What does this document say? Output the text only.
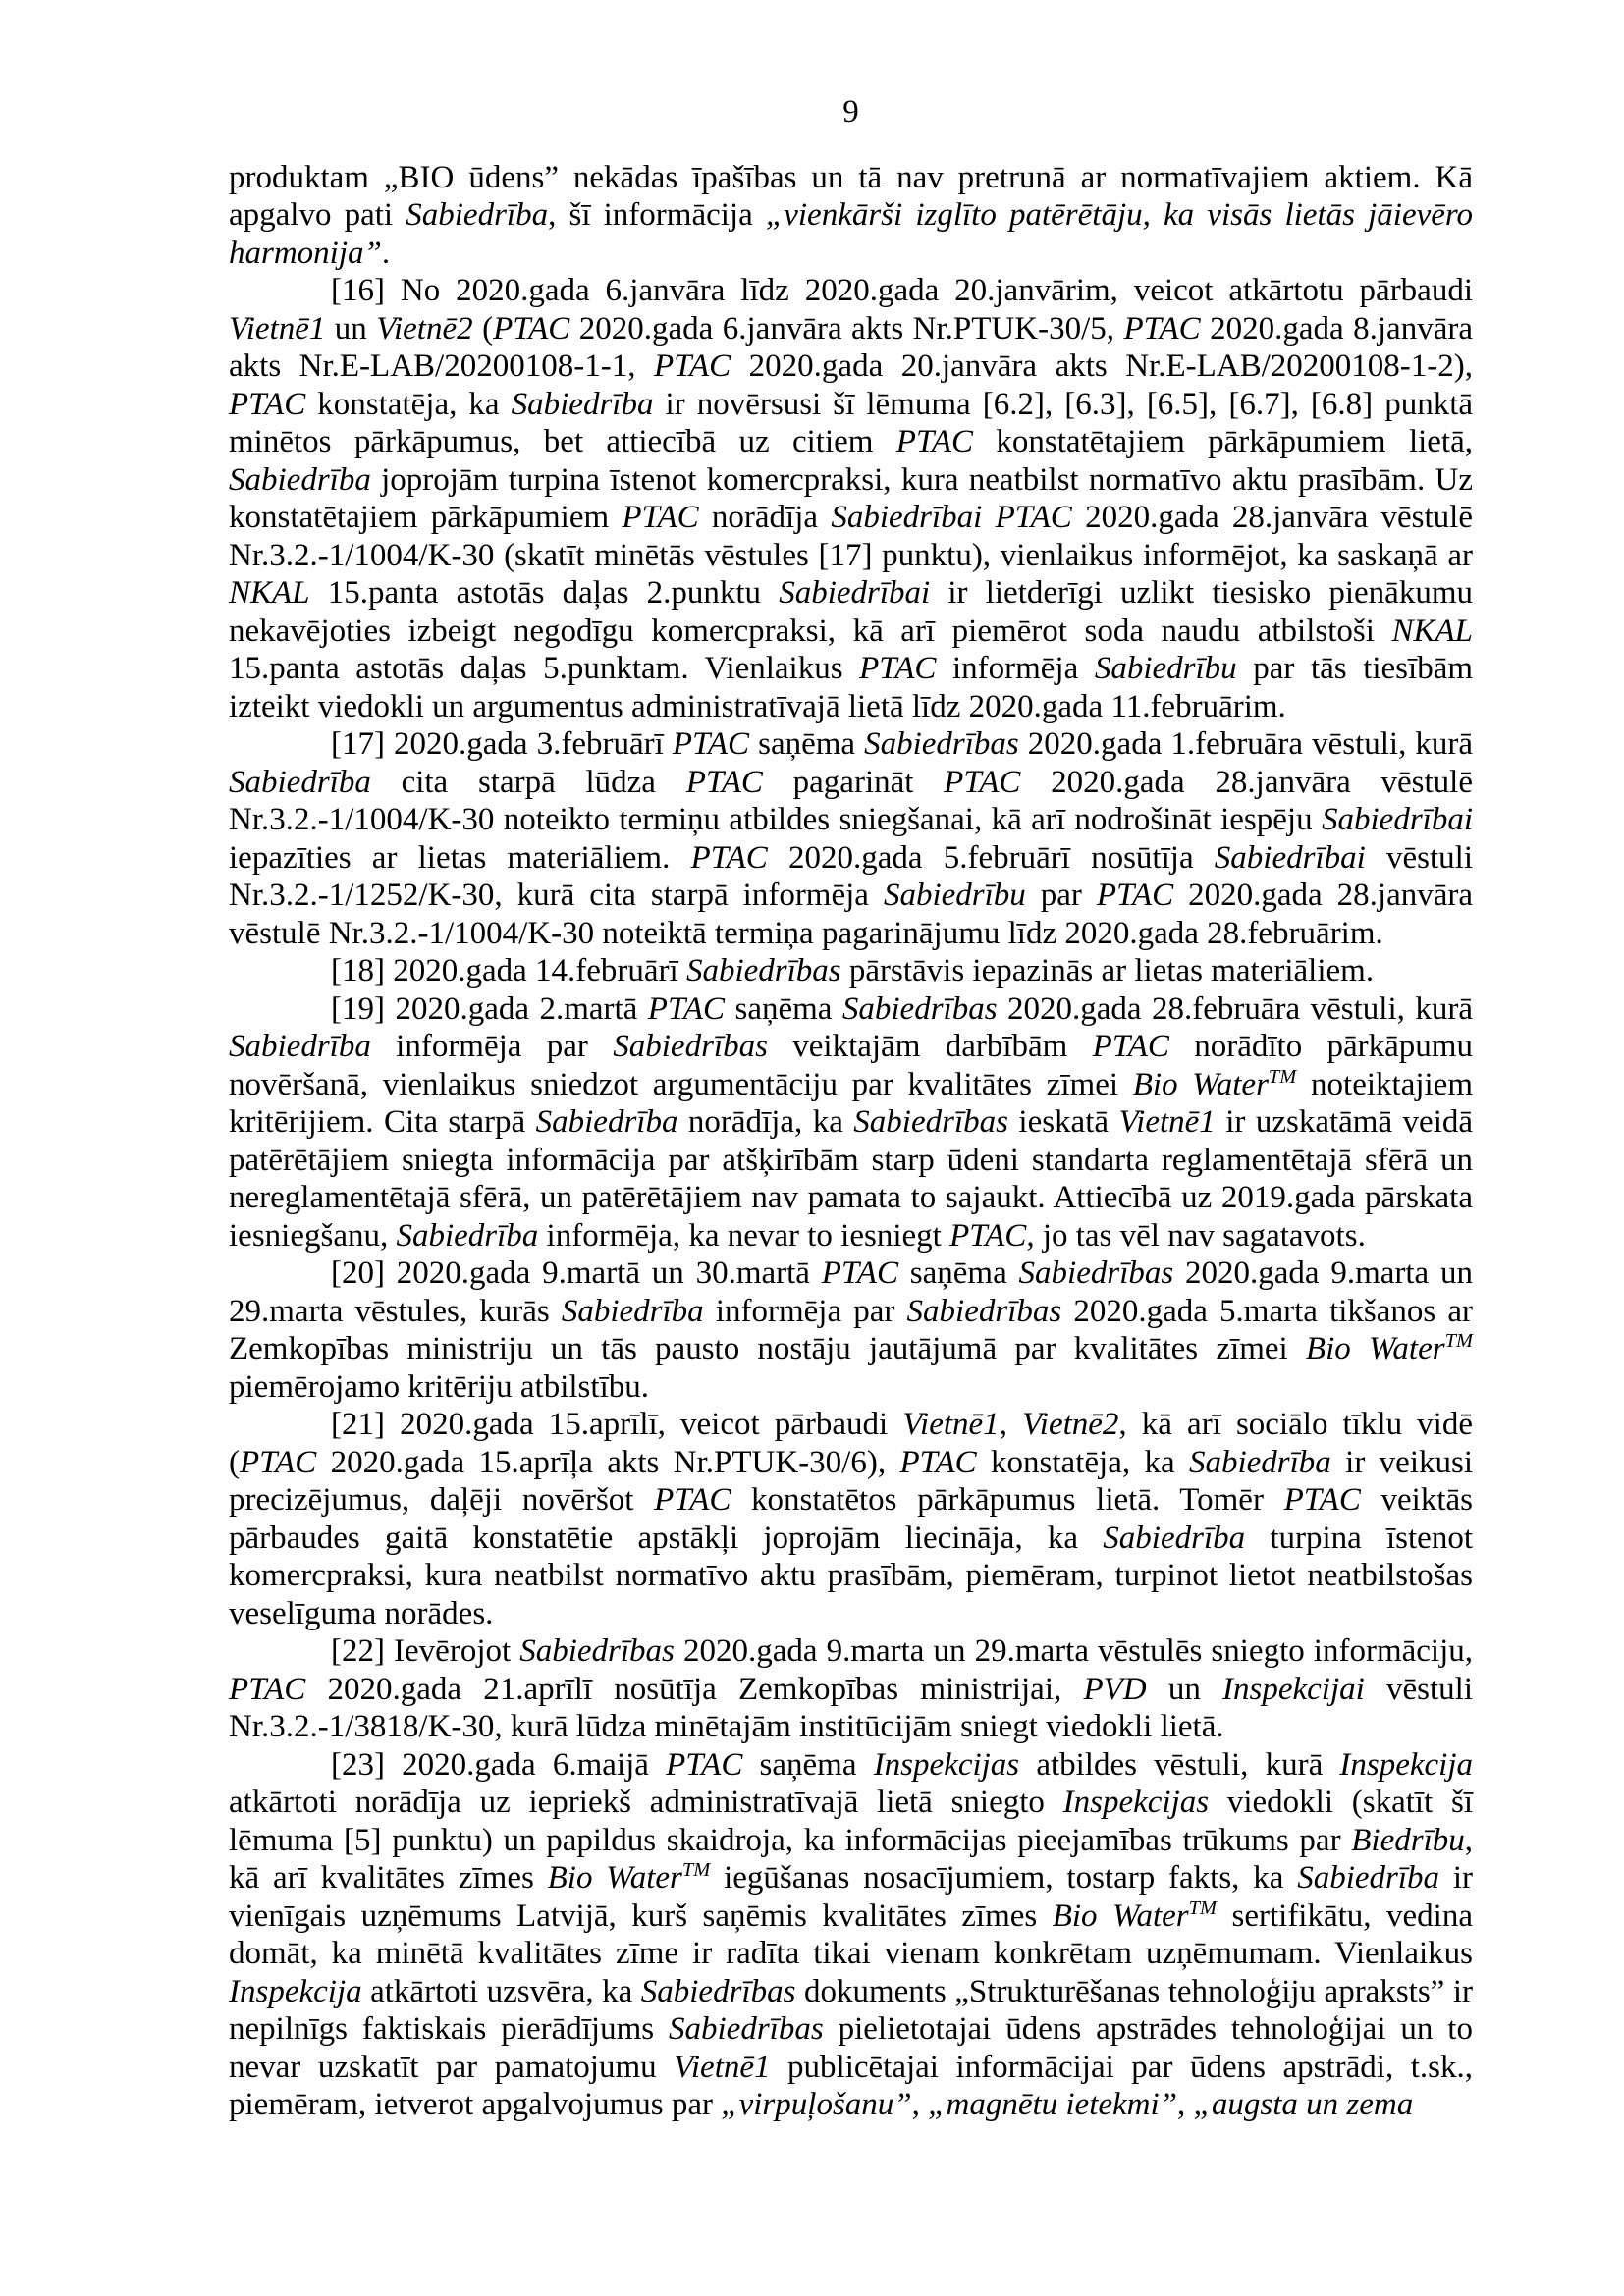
9

produktam „BIO ūdens” nekādas īpašības un tā nav pretrunā ar normatīvajiem aktiem. Kā apgalvo pati Sabiedrība, šī informācija „vienkārši izglīto patērētāju, ka visās lietās jāievēro harmonija”.

[16] No 2020.gada 6.janvāra līdz 2020.gada 20.janvārim, veicot atkārtotu pārbaudi Vietnē1 un Vietnē2 (PTAC 2020.gada 6.janvāra akts Nr.PTUK-30/5, PTAC 2020.gada 8.janvāra akts Nr.E-LAB/20200108-1-1, PTAC 2020.gada 20.janvāra akts Nr.E-LAB/20200108-1-2), PTAC konstatēja, ka Sabiedrība ir novērsusi šī lēmuma [6.2], [6.3], [6.5], [6.7], [6.8] punktā minētos pārkāpumus, bet attiecībā uz citiem PTAC konstatētajiem pārkāpumiem lietā, Sabiedrība joprojām turpina īstenot komercpraksi, kura neatbilst normatīvo aktu prasībām. Uz konstatētajiem pārkāpumiem PTAC norādīja Sabiedrībai PTAC 2020.gada 28.janvāra vēstulē Nr.3.2.-1/1004/K-30 (skatīt minētās vēstules [17] punktu), vienlaikus informējot, ka saskaņā ar NKAL 15.panta astotās daļas 2.punktu Sabiedrībai ir lietderīgi uzlikt tiesisko pienākumu nekavējoties izbeigt negodīgu komercpraksi, kā arī piemērot soda naudu atbilstoši NKAL 15.panta astotās daļas 5.punktam. Vienlaikus PTAC informēja Sabiedrību par tās tiesībām izteikt viedokli un argumentus administratīvajā lietā līdz 2020.gada 11.februārim.

[17] 2020.gada 3.februārī PTAC saņēma Sabiedrības 2020.gada 1.februāra vēstuli, kurā Sabiedrība cita starpā lūdza PTAC pagarināt PTAC 2020.gada 28.janvāra vēstulē Nr.3.2.-1/1004/K-30 noteikto termiņu atbildes sniegšanai, kā arī nodrošināt iespēju Sabiedrībai iepazīties ar lietas materiāliem. PTAC 2020.gada 5.februārī nosūtīja Sabiedrībai vēstuli Nr.3.2.-1/1252/K-30, kurā cita starpā informēja Sabiedrību par PTAC 2020.gada 28.janvāra vēstulē Nr.3.2.-1/1004/K-30 noteiktā termiņa pagarinājumu līdz 2020.gada 28.februārim.

[18] 2020.gada 14.februārī Sabiedrības pārstāvis iepazinās ar lietas materiāliem.

[19] 2020.gada 2.martā PTAC saņēma Sabiedrības 2020.gada 28.februāra vēstuli, kurā Sabiedrība informēja par Sabiedrības veiktajām darbībām PTAC norādīto pārkāpumu novēršanā, vienlaikus sniedzot argumentāciju par kvalitātes zīmei Bio Water™ noteiktajiem kritērijiem. Cita starpā Sabiedrība norādīja, ka Sabiedrības ieskatā Vietnē1 ir uzskatāmā veidā patērētājiem sniegta informācija par atšķirībām starp ūdeni standarta reglamentētajā sfērā un nereglamentētajā sfērā, un patērētājiem nav pamata to sajaukt. Attiecībā uz 2019.gada pārskata iesniegšanu, Sabiedrība informēja, ka nevar to iesniegt PTAC, jo tas vēl nav sagatavots.

[20] 2020.gada 9.martā un 30.martā PTAC saņēma Sabiedrības 2020.gada 9.marta un 29.marta vēstules, kurās Sabiedrība informēja par Sabiedrības 2020.gada 5.marta tikšanos ar Zemkopības ministriju un tās pausto nostāju jautājumā par kvalitātes zīmei Bio Water™ piemērojamo kritēriju atbilstību.

[21] 2020.gada 15.aprīlī, veicot pārbaudi Vietnē1, Vietnē2, kā arī sociālo tīklu vidē (PTAC 2020.gada 15.aprīļa akts Nr.PTUK-30/6), PTAC konstatēja, ka Sabiedrība ir veikusi precizējumus, daļēji novēršot PTAC konstatētos pārkāpumus lietā. Tomēr PTAC veiktās pārbaudes gaitā konstatētie apstākļi joprojām liecināja, ka Sabiedrība turpina īstenot komercpraksi, kura neatbilst normatīvo aktu prasībām, piemēram, turpinot lietot neatbilstošas veselīguma norādes.

[22] Ievērojot Sabiedrības 2020.gada 9.marta un 29.marta vēstulēs sniegto informāciju, PTAC 2020.gada 21.aprīlī nosūtīja Zemkopības ministrijai, PVD un Inspekcijai vēstuli Nr.3.2.-1/3818/K-30, kurā lūdza minētajām institūcijām sniegt viedokli lietā.

[23] 2020.gada 6.maijā PTAC saņēma Inspekcijas atbildes vēstuli, kurā Inspekcija atkārtoti norādīja uz iepriekš administratīvajā lietā sniegto Inspekcijas viedokli (skatīt šī lēmuma [5] punktu) un papildus skaidroja, ka informācijas pieejamības trūkums par Biedrību, kā arī kvalitātes zīmes Bio Water™ iegūšanas nosacījumiem, tostarp fakts, ka Sabiedrība ir vienīgais uzņēmums Latvijā, kurš saņēmis kvalitātes zīmes Bio Water™ sertifikātu, vedina domāt, ka minētā kvalitātes zīme ir radīta tikai vienam konkrētam uzņēmumam. Vienlaikus Inspekcija atkārtoti uzsvēra, ka Sabiedrības dokuments „Strukturēšanas tehnoloģiju apraksts” ir nepilnīgs faktiskais pierādījums Sabiedrības pielietotajai ūdens apstrādes tehnoloģijai un to nevar uzskatīt par pamatojumu Vietnē1 publicētajai informācijai par ūdens apstrādi, t.sk., piemēram, ietverot apgalvojumus par „virpuļošanu”, „magnētu ietekmi”, „augsta un zema
